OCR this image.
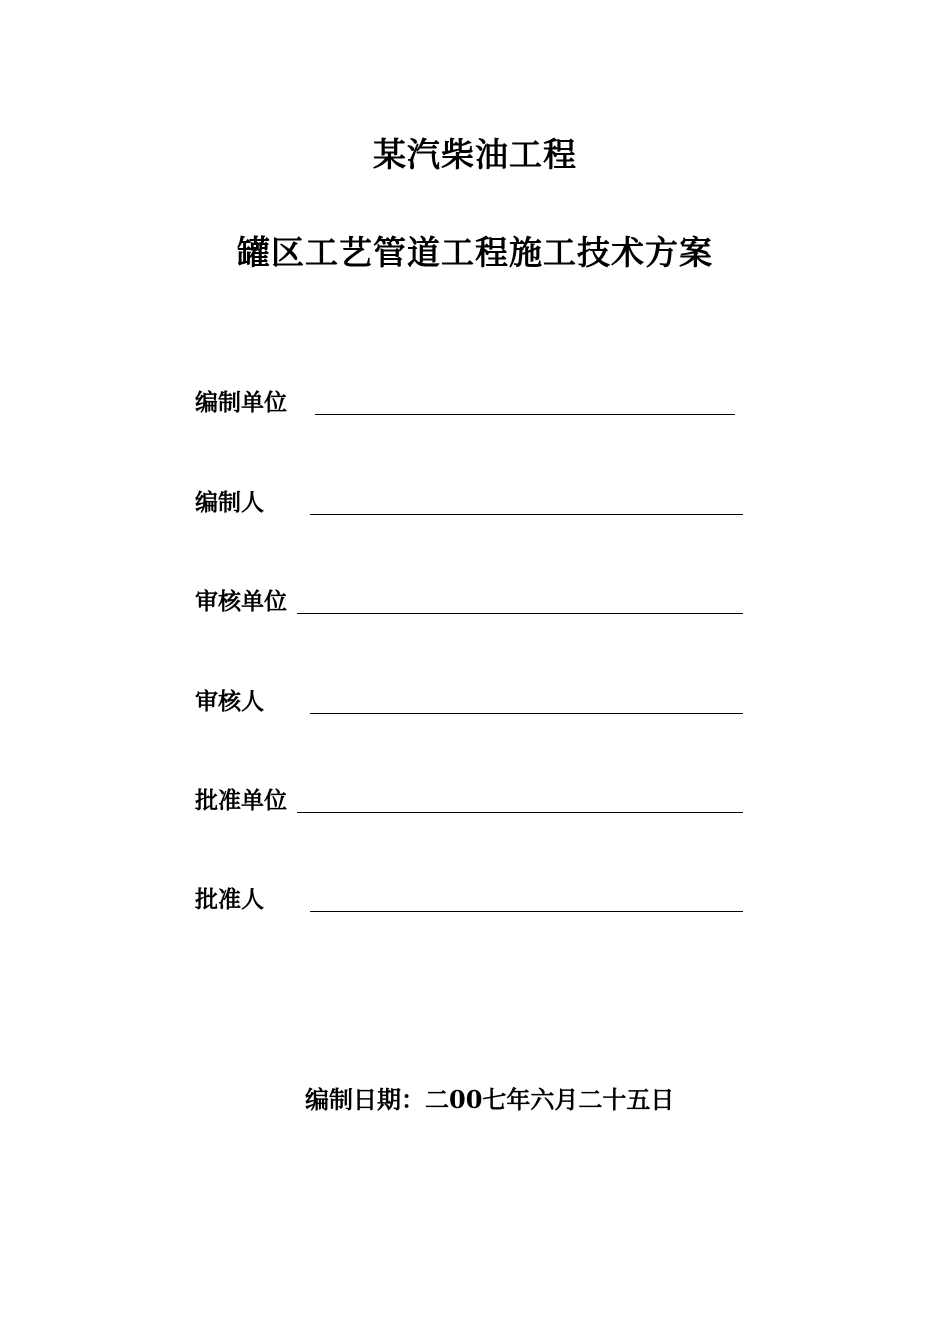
某汽柴油工程
罐区工艺管道工程施工技术方案
编制单位
编制人
审核单位
审核人
批准单位
批准人
编制日期：二00七年六月二十五日
